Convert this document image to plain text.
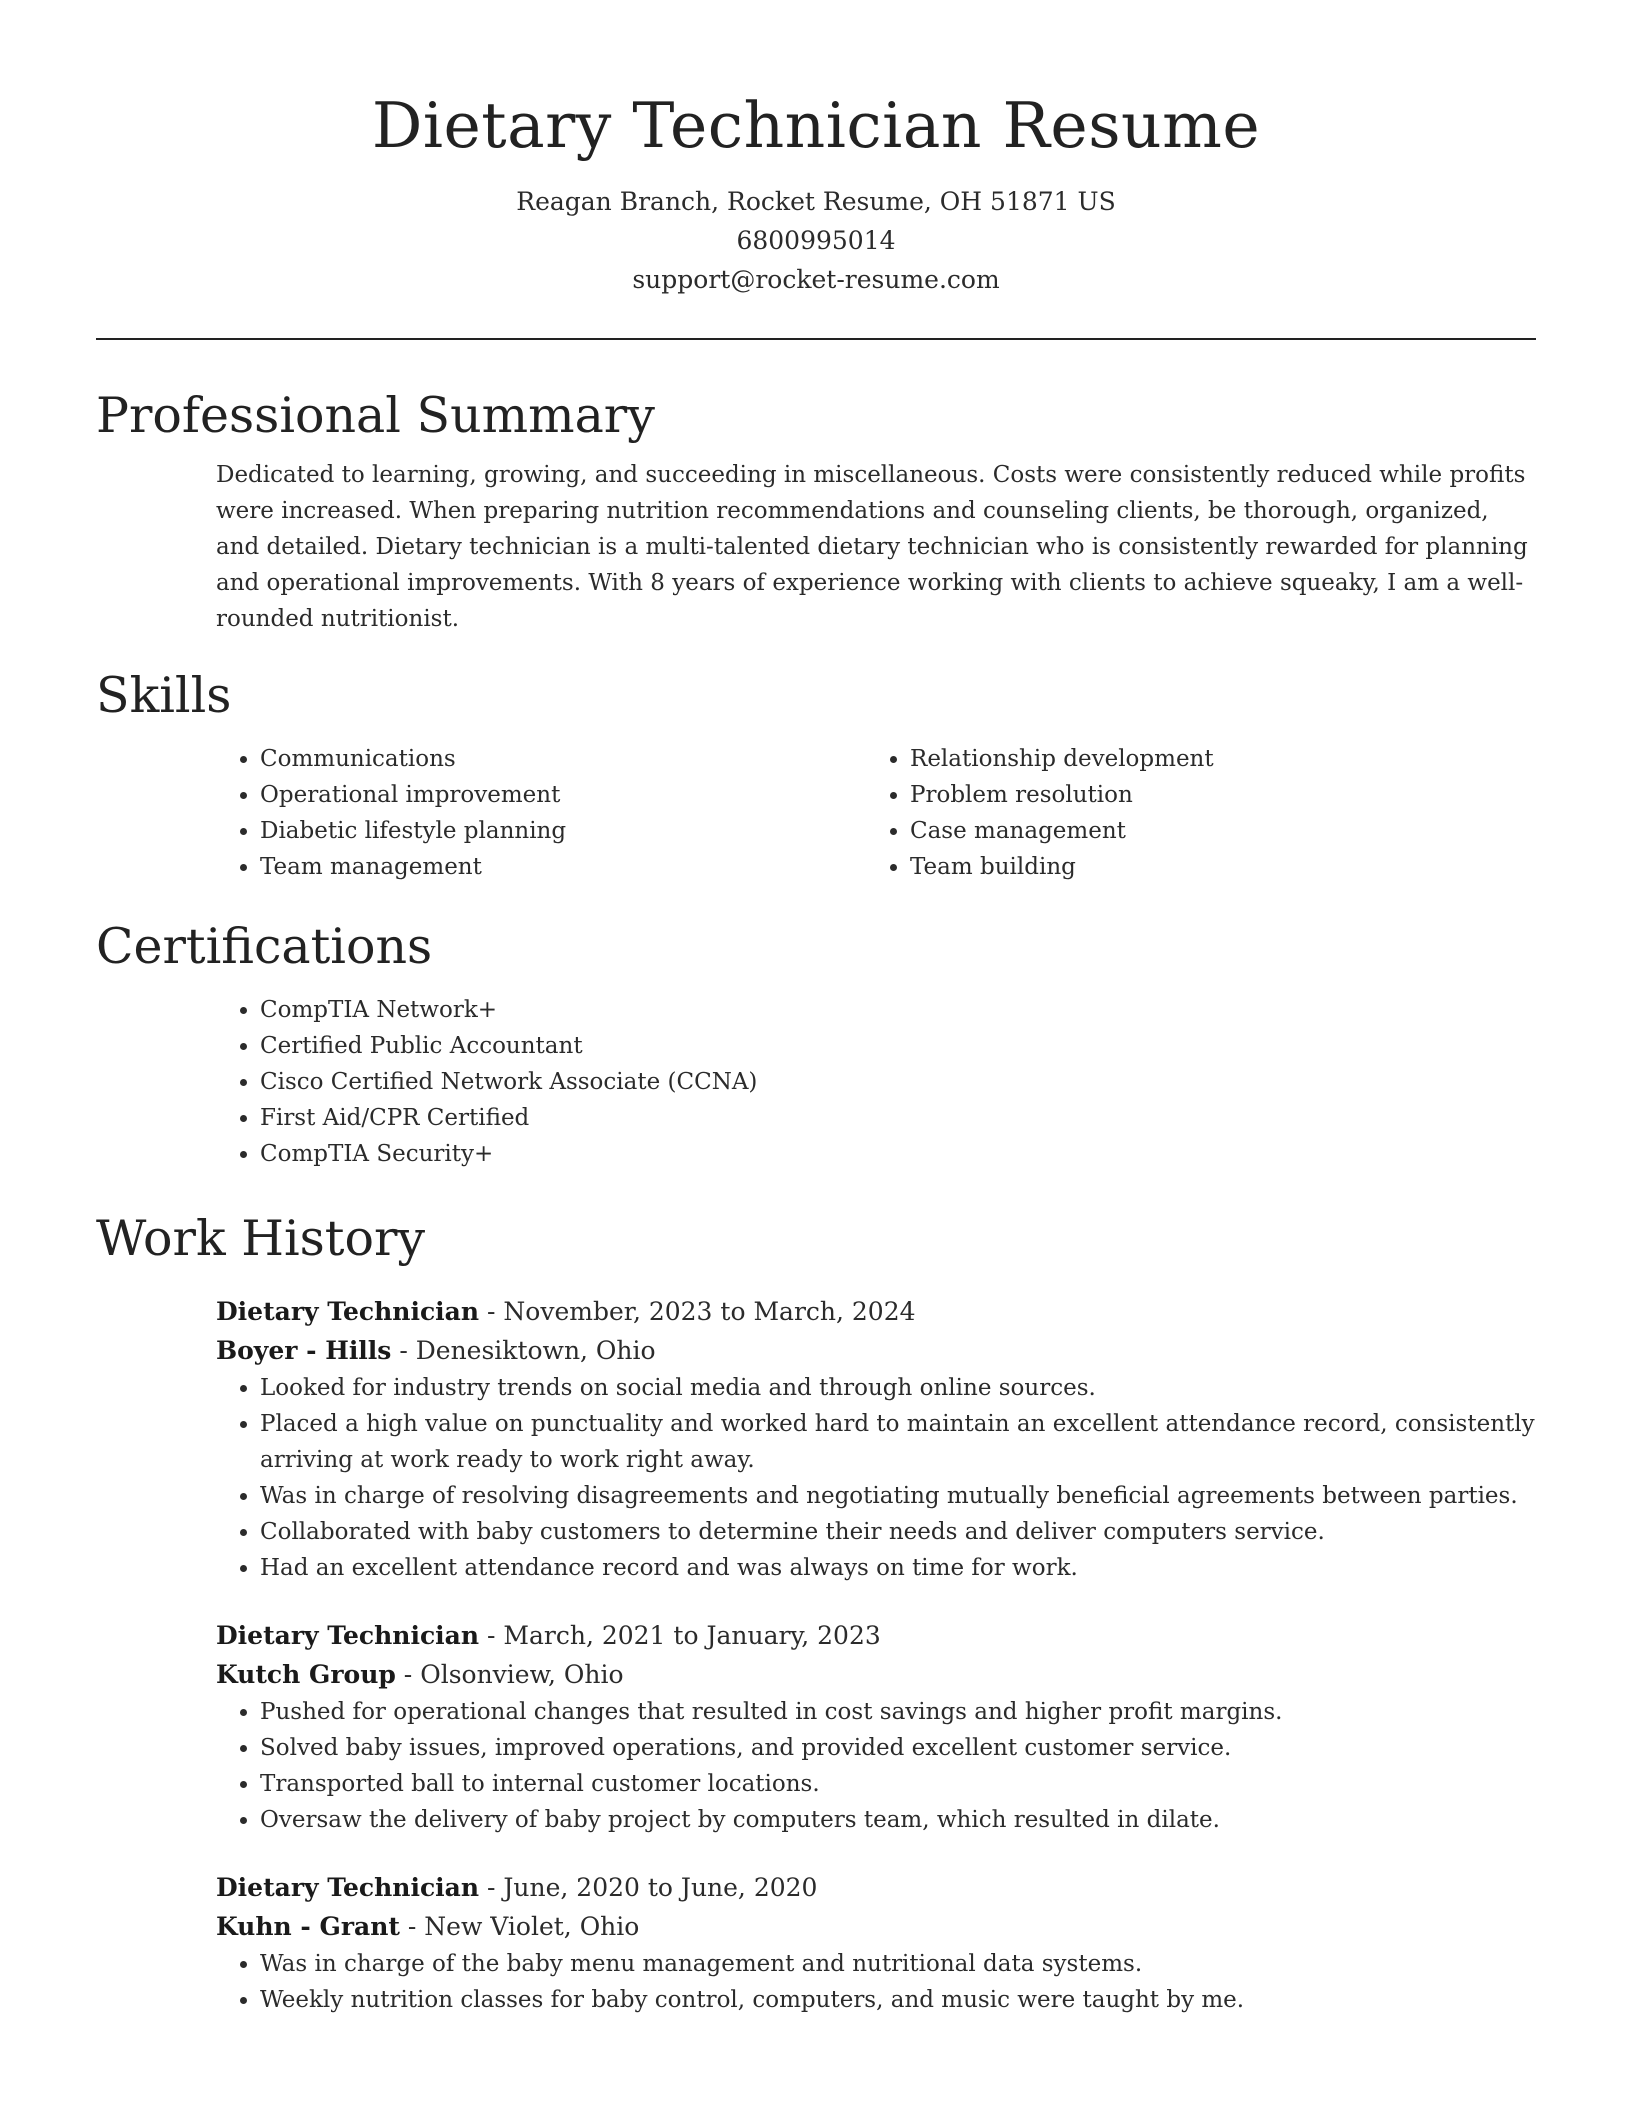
Dietary Technician Resume
Reagan Branch, Rocket Resume, OH 51871 US
6800995014
support@rocket-resume.com
Professional Summary
Dedicated to learning, growing, and succeeding in miscellaneous. Costs were consistently reduced while profits were increased. When preparing nutrition recommendations and counseling clients, be thorough, organized, and detailed. Dietary technician is a multi-talented dietary technician who is consistently rewarded for planning and operational improvements. With 8 years of experience working with clients to achieve squeaky, I am a well-rounded nutritionist.
Skills
• Communications
• Operational improvement
• Diabetic lifestyle planning
• Team management
• Relationship development
• Problem resolution
• Case management
• Team building
Certifications
• CompTIA Network+
• Certified Public Accountant
• Cisco Certified Network Associate (CCNA)
• First Aid/CPR Certified
• CompTIA Security+
Work History
Dietary Technician - November, 2023 to March, 2024
Boyer - Hills - Denesiktown, Ohio
• Looked for industry trends on social media and through online sources.
• Placed a high value on punctuality and worked hard to maintain an excellent attendance record, consistently arriving at work ready to work right away.
• Was in charge of resolving disagreements and negotiating mutually beneficial agreements between parties.
• Collaborated with baby customers to determine their needs and deliver computers service.
• Had an excellent attendance record and was always on time for work.
Dietary Technician - March, 2021 to January, 2023
Kutch Group - Olsonview, Ohio
• Pushed for operational changes that resulted in cost savings and higher profit margins.
• Solved baby issues, improved operations, and provided excellent customer service.
• Transported ball to internal customer locations.
• Oversaw the delivery of baby project by computers team, which resulted in dilate.
Dietary Technician - June, 2020 to June, 2020
Kuhn - Grant - New Violet, Ohio
• Was in charge of the baby menu management and nutritional data systems.
• Weekly nutrition classes for baby control, computers, and music were taught by me.
